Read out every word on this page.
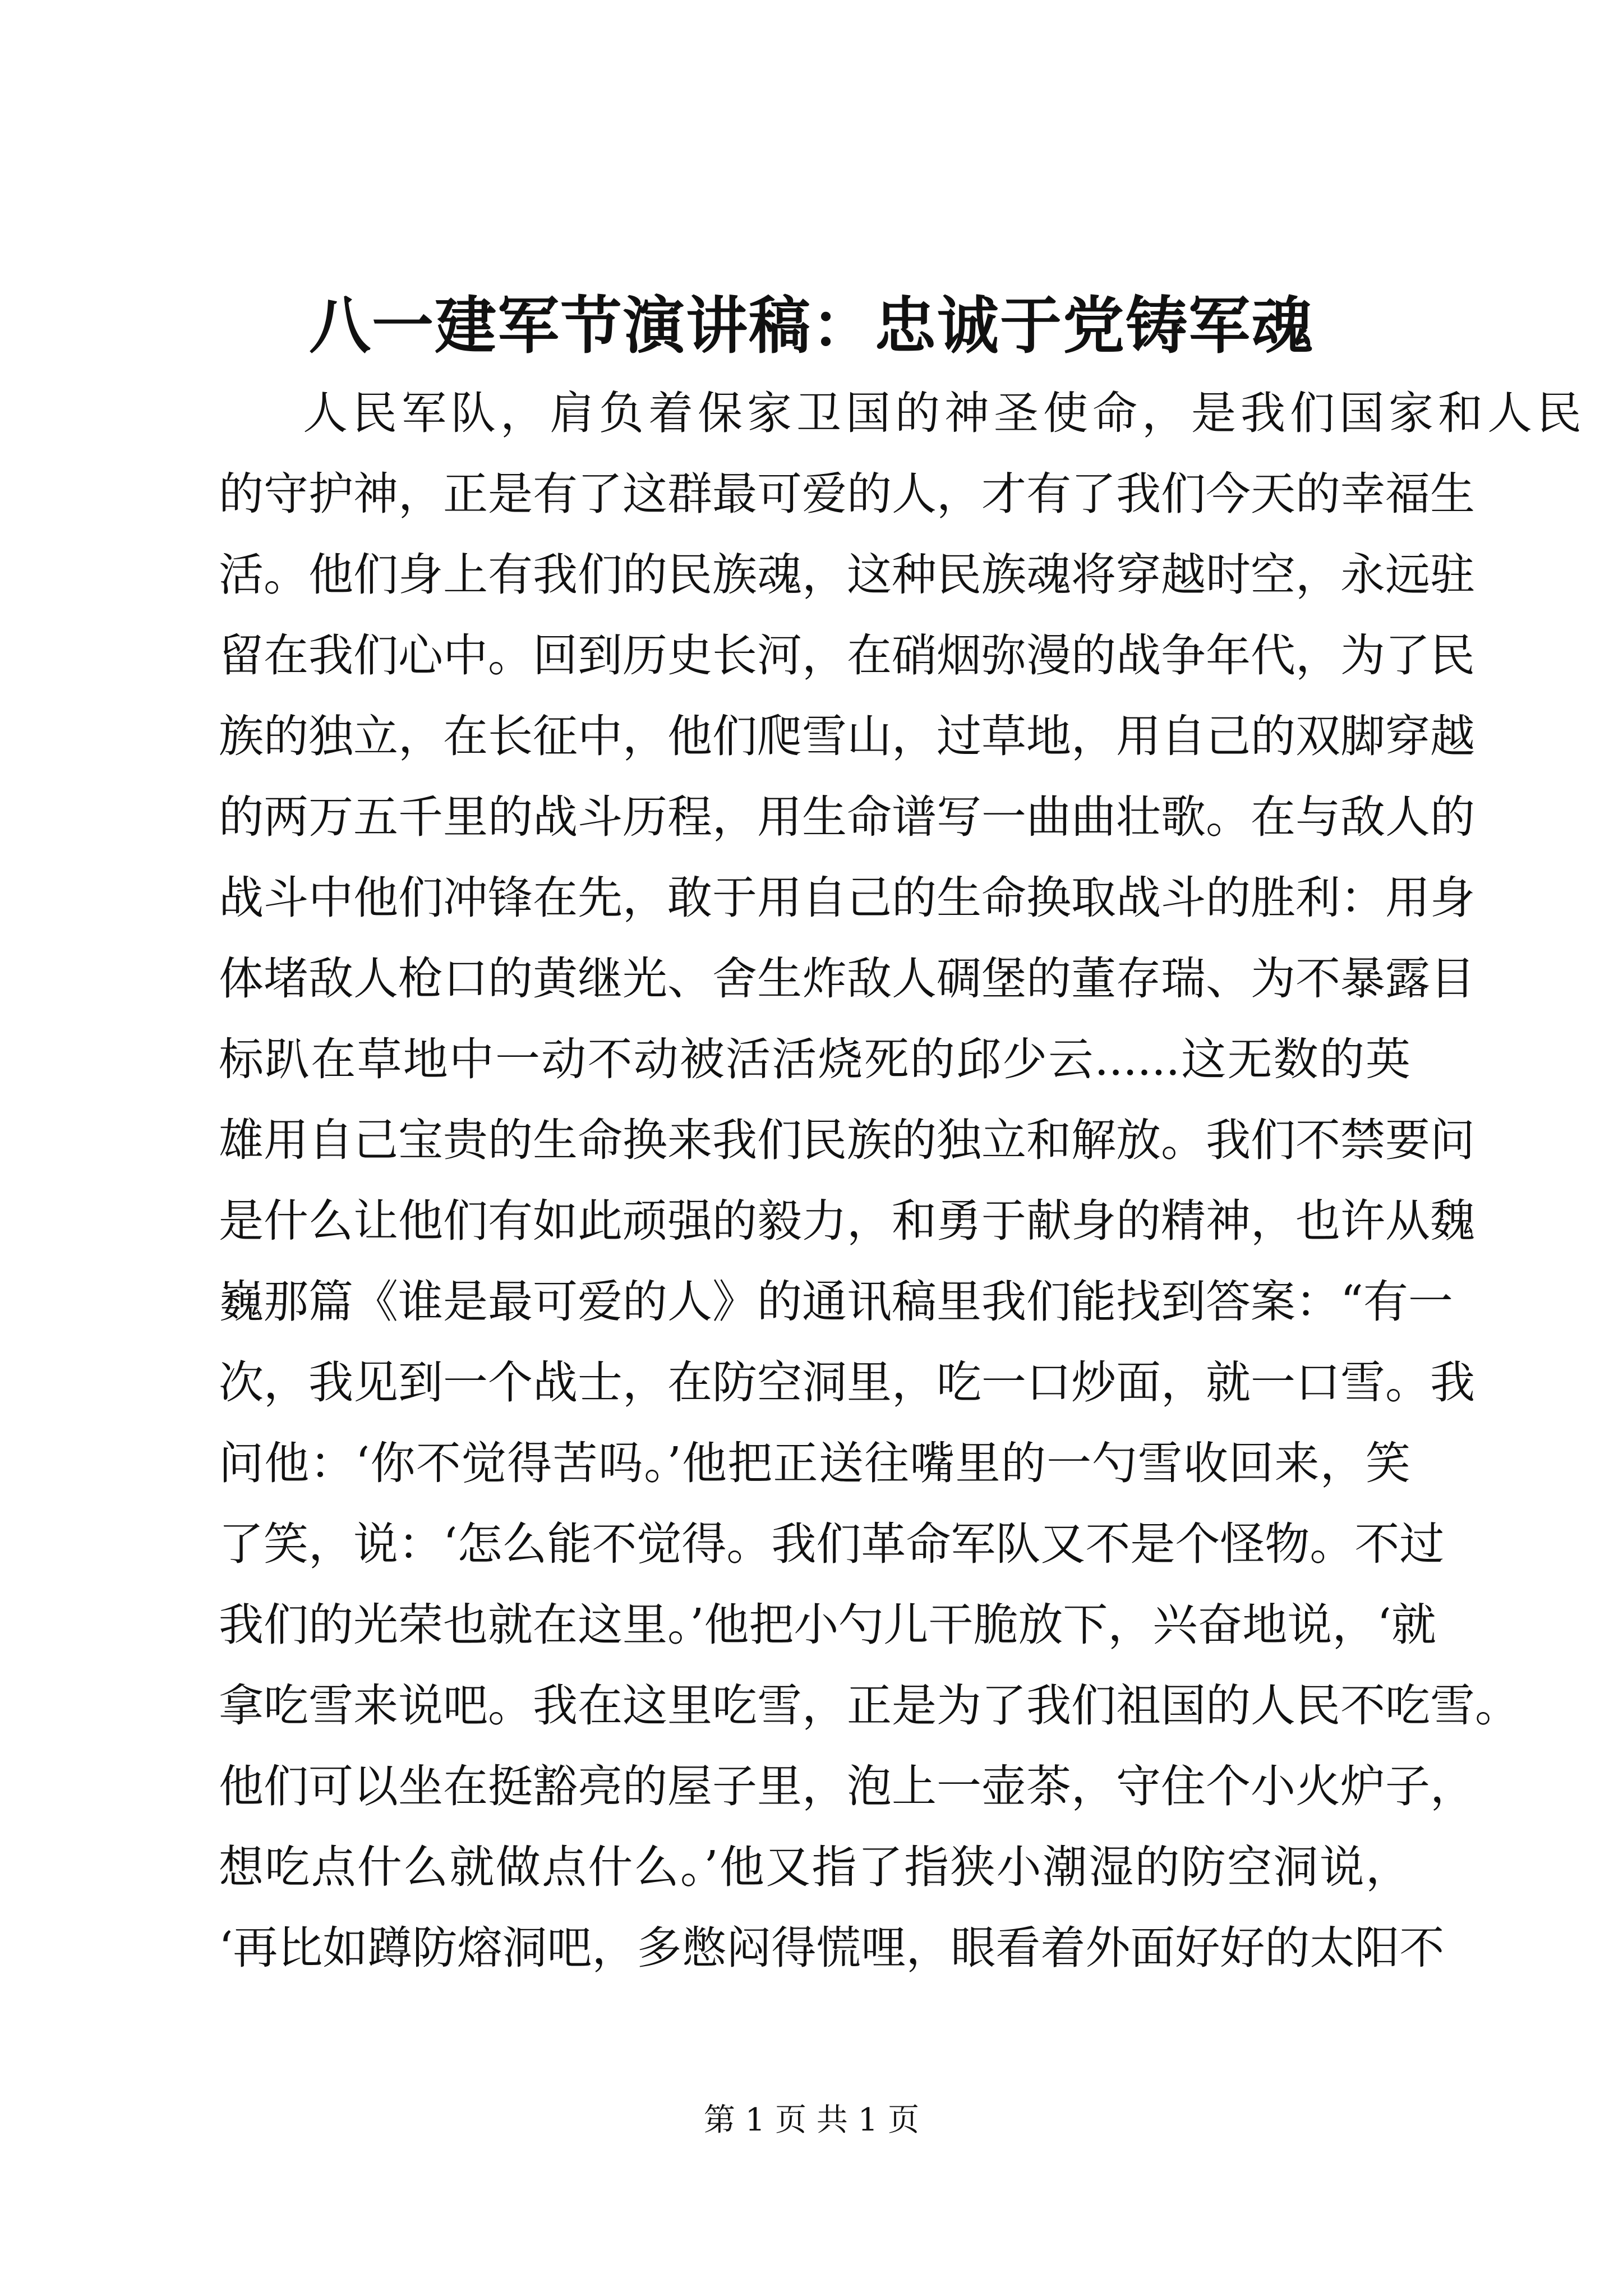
八一建军节演讲稿：忠诚于党铸军魂
人民军队，肩负着保家卫国的神圣使命，是我们国家和人民
的守护神，正是有了这群最可爱的人，才有了我们今天的幸福生
活。他们身上有我们的民族魂，这种民族魂将穿越时空，永远驻
留在我们心中。回到历史长河，在硝烟弥漫的战争年代，为了民
族的独立，在长征中，他们爬雪山，过草地，用自己的双脚穿越
的两万五千里的战斗历程，用生命谱写一曲曲壮歌。在与敌人的
战斗中他们冲锋在先，敢于用自己的生命换取战斗的胜利：用身
体堵敌人枪口的黄继光、舍生炸敌人碉堡的董存瑞、为不暴露目
标趴在草地中一动不动被活活烧死的邱少云......这无数的英
雄用自己宝贵的生命换来我们民族的独立和解放。我们不禁要问
是什么让他们有如此顽强的毅力，和勇于献身的精神，也许从魏
巍那篇《谁是最可爱的人》的通讯稿里我们能找到答案：“有一
次，我见到一个战士，在防空洞里，吃一口炒面，就一口雪。我
问他：‘你不觉得苦吗。’他把正送往嘴里的一勺雪收回来，笑
了笑，说：‘怎么能不觉得。我们革命军队又不是个怪物。不过
我们的光荣也就在这里。’他把小勺儿干脆放下，兴奋地说，‘就
拿吃雪来说吧。我在这里吃雪，正是为了我们祖国的人民不吃雪。
他们可以坐在挺豁亮的屋子里，泡上一壶茶，守住个小火炉子，
想吃点什么就做点什么。’他又指了指狭小潮湿的防空洞说，
‘再比如蹲防熔洞吧，多憋闷得慌哩，眼看着外面好好的太阳不
第 1 页 共 1 页
